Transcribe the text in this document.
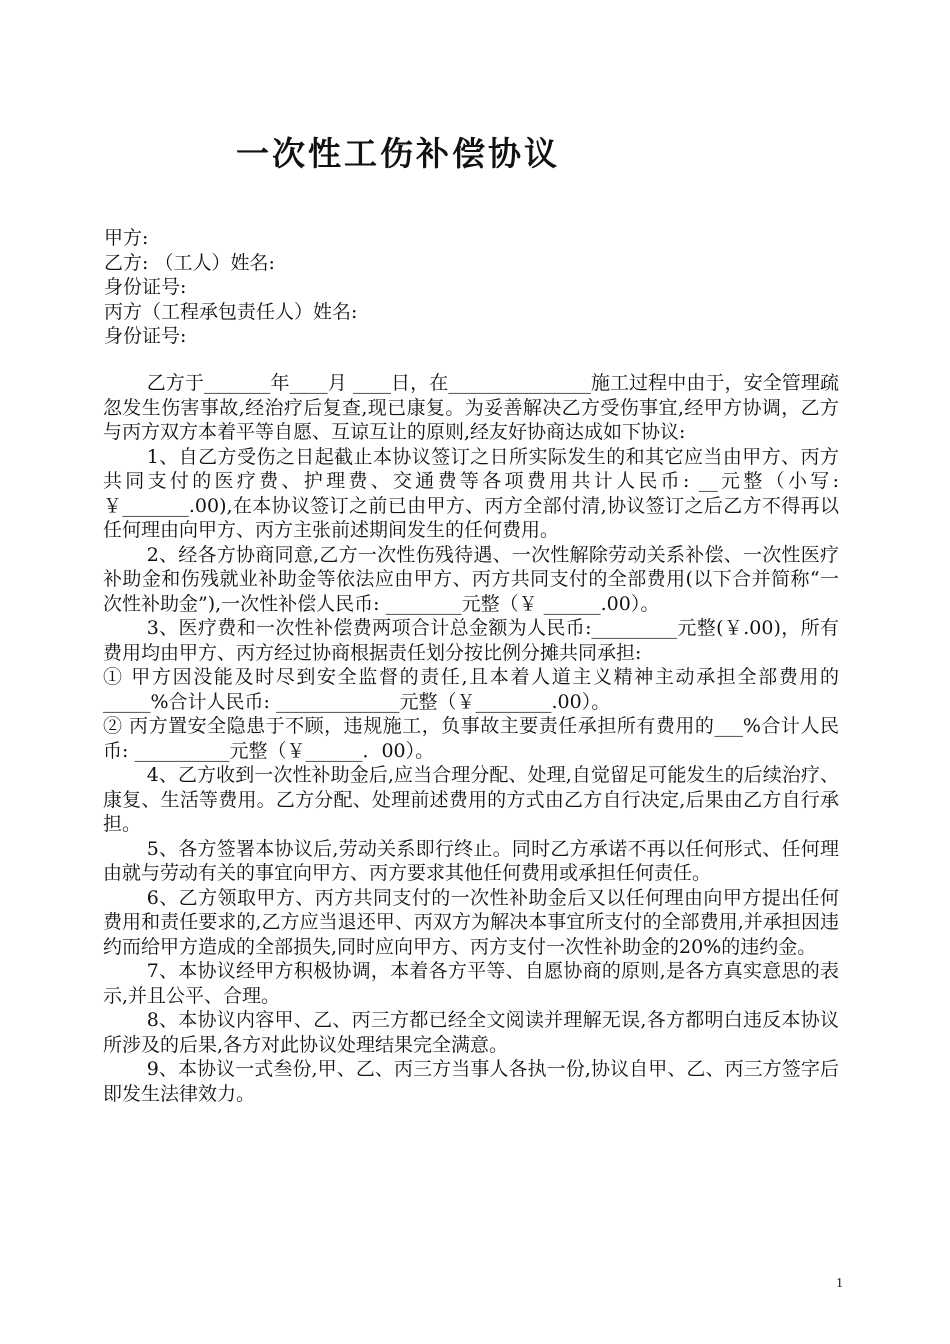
一次性工伤补偿协议
甲方:
乙方: （工人）姓名:
身份证号:
丙方（工程承包责任人）姓名:
身份证号:

乙方于_______年____月 ____日，在_______________施工过程中由于，安全管理疏忽发生伤害事故,经治疗后复查,现已康复。为妥善解决乙方受伤事宜,经甲方协调，乙方与丙方双方本着平等自愿、互谅互让的原则,经友好协商达成如下协议:

1、自乙方受伤之日起截止本协议签订之日所实际发生的和其它应当由甲方、丙方共同支付的医疗费、护理费、交通费等各项费用共计人民币: __元整（小写: ￥_______.00),在本协议签订之前已由甲方、丙方全部付清,协议签订之后乙方不得再以任何理由向甲方、丙方主张前述期间发生的任何费用。

2、经各方协商同意,乙方一次性伤残待遇、一次性解除劳动关系补偿、一次性医疗补助金和伤残就业补助金等依法应由甲方、丙方共同支付的全部费用(以下合并简称“一次性补助金”),一次性补偿人民币: ________元整（￥ ______.00）。

3、医疗费和一次性补偿费两项合计总金额为人民币:_________元整(￥.00)，所有费用均由甲方、丙方经过协商根据责任划分按比例分摊共同承担:

① 甲方因没能及时尽到安全监督的责任,且本着人道主义精神主动承担全部费用的_____%合计人民币: _____________元整（￥________.00）。

② 丙方置安全隐患于不顾，违规施工，负事故主要责任承担所有费用的___%合计人民币: __________元整（￥______．00）。

4、乙方收到一次性补助金后,应当合理分配、处理,自觉留足可能发生的后续治疗、康复、生活等费用。乙方分配、处理前述费用的方式由乙方自行决定,后果由乙方自行承担。

5、各方签署本协议后,劳动关系即行终止。同时乙方承诺不再以任何形式、任何理由就与劳动有关的事宜向甲方、丙方要求其他任何费用或承担任何责任。

6、乙方领取甲方、丙方共同支付的一次性补助金后又以任何理由向甲方提出任何费用和责任要求的,乙方应当退还甲、丙双方为解决本事宜所支付的全部费用,并承担因违约而给甲方造成的全部损失,同时应向甲方、丙方支付一次性补助金的20%的违约金。

7、本协议经甲方积极协调，本着各方平等、自愿协商的原则,是各方真实意思的表示,并且公平、合理。

8、本协议内容甲、乙、丙三方都已经全文阅读并理解无误,各方都明白违反本协议所涉及的后果,各方对此协议处理结果完全满意。

9、本协议一式叁份,甲、乙、丙三方当事人各执一份,协议自甲、乙、丙三方签字后即发生法律效力。

1
